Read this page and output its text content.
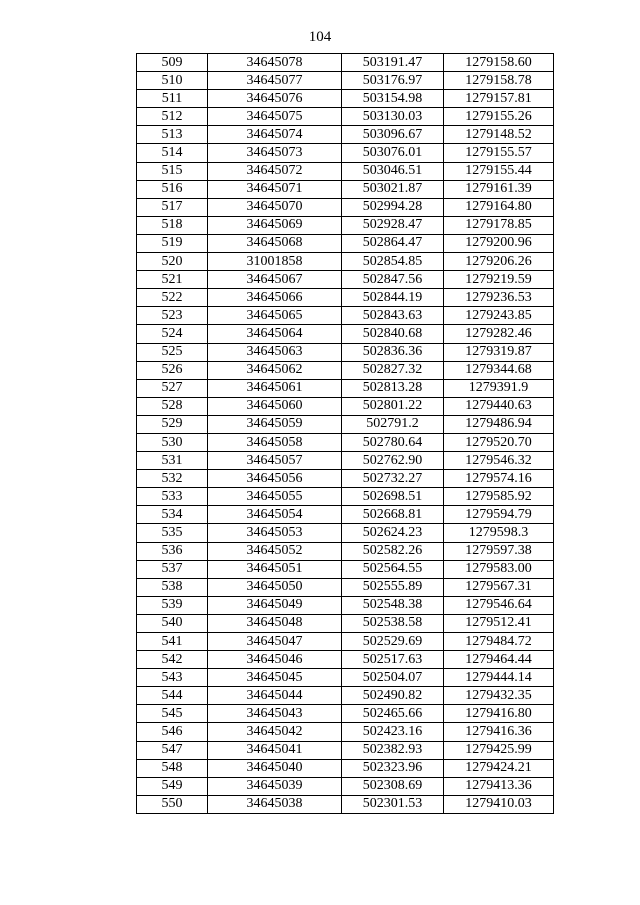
104
509	34645078	503191.47	1279158.60
510	34645077	503176.97	1279158.78
511	34645076	503154.98	1279157.81
512	34645075	503130.03	1279155.26
513	34645074	503096.67	1279148.52
514	34645073	503076.01	1279155.57
515	34645072	503046.51	1279155.44
516	34645071	503021.87	1279161.39
517	34645070	502994.28	1279164.80
518	34645069	502928.47	1279178.85
519	34645068	502864.47	1279200.96
520	31001858	502854.85	1279206.26
521	34645067	502847.56	1279219.59
522	34645066	502844.19	1279236.53
523	34645065	502843.63	1279243.85
524	34645064	502840.68	1279282.46
525	34645063	502836.36	1279319.87
526	34645062	502827.32	1279344.68
527	34645061	502813.28	1279391.9
528	34645060	502801.22	1279440.63
529	34645059	502791.2	1279486.94
530	34645058	502780.64	1279520.70
531	34645057	502762.90	1279546.32
532	34645056	502732.27	1279574.16
533	34645055	502698.51	1279585.92
534	34645054	502668.81	1279594.79
535	34645053	502624.23	1279598.3
536	34645052	502582.26	1279597.38
537	34645051	502564.55	1279583.00
538	34645050	502555.89	1279567.31
539	34645049	502548.38	1279546.64
540	34645048	502538.58	1279512.41
541	34645047	502529.69	1279484.72
542	34645046	502517.63	1279464.44
543	34645045	502504.07	1279444.14
544	34645044	502490.82	1279432.35
545	34645043	502465.66	1279416.80
546	34645042	502423.16	1279416.36
547	34645041	502382.93	1279425.99
548	34645040	502323.96	1279424.21
549	34645039	502308.69	1279413.36
550	34645038	502301.53	1279410.03
